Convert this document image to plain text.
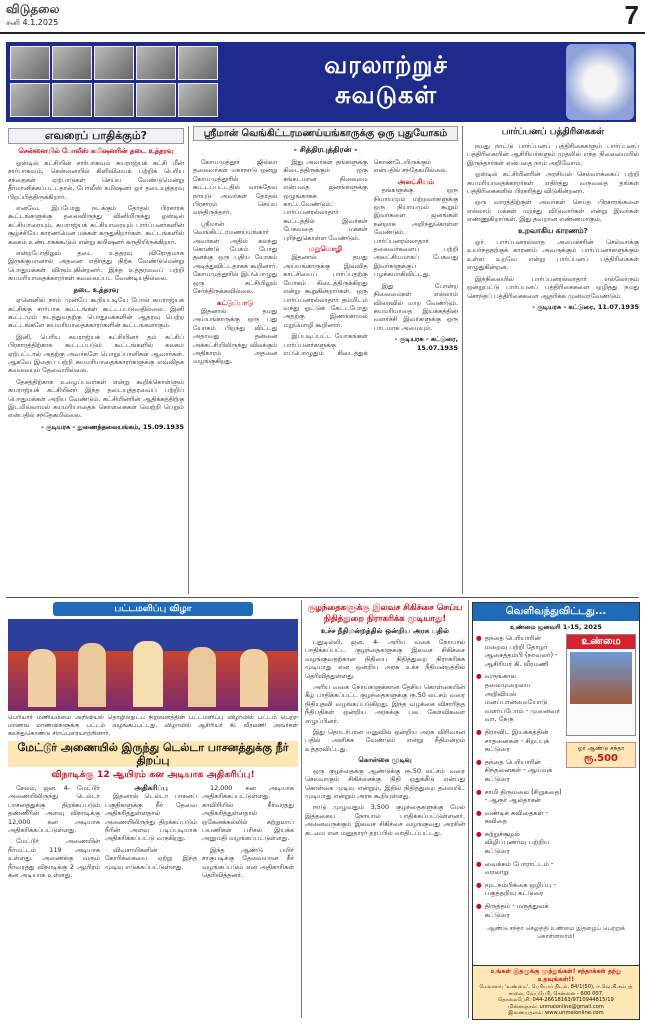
விடுதலை
சனி 4.1.2025	7
வரலாற்றுச்
சுவடுகள்
எவரைப் பாதிக்கும்?
சென்னையில் போலீஸ் கமிஷனரின் தடை உத்தரவு

ஓஸ்டில் கட்சியின் சார்பாகவும் சுயராஜ்யக் கட்சி மீன் சார்பாகவும், சென்னையில் கிளிவியைக் பற்றிக் பெரிய சந்தைகள் ஏற்பாடுகள் செய்ய வேண்டுமென்று தீர்மானிக்கப்பட்டதால், போலீஸ் கமிஷனர் ஓர் தடையுத்தரவு பிறப்பித்திருக்கிறார்.

எனவே, இப்போது நடக்கும் தேர்தல் பிரசாரக் கூட்டங்களுக்கு தலைவிருந்து வினிமிருந்து ஓஸ்டில் கட்சியாரையும், சுயராஜ்யக் கட்சியாரையும் பார்ப்பனர்களின் சூழ்ச்சியே காரணமென மக்கள் கருதுகிறார்கள். கூட்டங்களில் கலகம் உண்டாகக்கூடும் என்று கமிஷனர் கருதியிருக்கிறார்.

என்றபோதிலும் தடை உத்தரவு விரோதமாக இருக்குமானால் அதனை எதிர்த்து நிற்க வேண்டுமென்று பொதுமக்கள் விரும்புகின்றனர். இந்த உத்தரவைப் பற்றி சுயமரியாதைக்காரர்கள் கவலைப்பட வேண்டியதில்லை.

தடை உத்தரவு

ஏனெனில் நாம் முன்பே கூறியபடியே போல் சுயராஜ்யக் கட்சிக்கு சார்பாக கூட்டங்கள் கூட்டப்படுவதில்லை. இனி கூட்டமும் நடத்துவதற்கு பொதுமக்களின் ஆதரவு பெற்ற கூட்டங்களே சுயமரியாதைக்காரர்களின் கூட்டங்களாகும்.

இனி, பெரிய சுயராஜ்யக் கட்சியினர் தம் கட்சிப் பிரசாரத்திற்காக கூட்டப்படும் கூட்டங்களில் கலகம் ஏற்பட்டால் அதற்கு அவர்களே பொறுப்பாளிகள் ஆவார்கள். ஆகவே இதைப் பற்றி சுயமரியாதைக்காரர்களுக்கு எவ்விதக் கவலையும் தேவையில்லை.

தேசத்திற்காக உழைப்பவர்கள் என்று கூறிக்கொள்ளும் சுயராஜ்யக் கட்சியினர் இந்த தடையுத்தரவைப் பற்றிப் பொதுமக்கள் அறிய வேண்டும். கட்சியினரின் ஆதிக்கத்திற்கு இடமில்லாமல் சுயமரியாதைக் கொள்கைகள் வெற்றி பெறும் என்பதில் சந்தேகமில்லை.

- குடியரசு - துணைத்தலையங்கம், 15.09.1935
ஸ்ரீமான் வெங்கிட்டரமணய்யங்காருக்கு ஒரு புதுயோகம்
- சித்திரபுத்திரன் -

கோயமுத்தூர் ஜில்லா தலைவர்கள் மகாநாடு ஒன்று கோயமுத்தூரில் கூட்டப்பட்டதில் வாசுதேவ நாயுடு அவர்கள் தேர்தல் பிரசாரம் செய்ய வந்திருந்தார்.

ஸ்ரீமான் வெங்கிட்டரமணய்யங்கார் அவர்கள் அதில் கலந்து கொண்டு பேசும் போது தனக்கு ஒரு புதிய யோகம் அடித்துவிட்டதாகக் கூறினார். கோயமுத்தூரில் இப்பொழுது ஒரு கட்சியிலும் சேர்ந்திருக்கவில்லை.

கட்டுப்பாடு

இதனால் தமது அய்யங்காருக்கு ஒரு புது யோகம் பிறந்து விட்டது அதாவது தன்னை அக்கட்சியிலிருந்து விலக்கும் அதிகாரம் அதனை வழங்குகிறது.

இது அவர்கள் தங்களுக்கு கிடைத்திருக்கும் ஒரு சங்கடமான நிலைமை என்பதை ஜனங்களுக்கு ஒழுங்காகக் காட்டவேண்டும். பார்ப்பனரல்லாதார் கூட்டத்தில் இவர்கள் பேசுவதை மக்கள் புரிந்துகொள்ள வேண்டும்.

மறுமொழி

இதனால் தமது அய்யங்காருக்கு இவ்வித காட்சியைப் பார்ப்பதற்கு யோகம் கிடைத்திருக்கிறது என்று கூறுகின்றார்கள். ஒரு பார்ப்பனரல்லாதார் தம்மிடம் வந்து ஓட்டுக் கேட்டபோது அதற்கு இணங்காமல் மறுமொழி கூறினார்.

இப்படிப்பட்ட யோகங்கள் பார்ப்பனர்களுக்கு எப்பொழுதும் கிடைத்துக் கொண்டேயிருக்கும் என்பதில் சந்தேகமில்லை.

அலட்சியம்

தங்களுக்கு ஒரு நியாயமும் மற்றவர்களுக்கு ஒரு நியாயமும் கூறும் இவர்களை ஜனங்கள் நன்றாக அறிந்துகொள்ள வேண்டும். பார்ப்பனரல்லாதார் தலைவர்களைப் பற்றி அலட்சியமாகப் பேசுவது இவர்களுக்குப் பழக்கமாகிவிட்டது.

இது போன்ற நிலைமைகள் எல்லாம் விரைவில் மாற வேண்டும். சுயமரியாதை இயக்கத்தின் வளர்ச்சி இவர்களுக்கு ஒரு பாடமாக அமையும்.

- குடியரசு - கட்டுரை, 15.07.1935
பார்ப்பனப் பத்திரிகைகள்

நமது நாட்டு பார்ப்பனப் பத்திரிகைகளும் பார்ப்பனப் பத்திரிகையின் ஆசிரியர்களும் முதலில் எந்த நிலைமையில் இருந்தார்கள் என்பதை நாம் அறிவோம்.

ஓஸ்டில் கட்சியினரின் அரசியல் செல்வாக்கைப் பற்றி சுயமரியாதைக்காரர்கள் எதிர்த்து வருவதை தங்கள் பத்திரிகைகளில் பிரசுரித்து விடுகின்றனர்.

ஒரு வாரத்திற்குள் அவர்கள் செய்த பிரசாரங்களை எல்லாம் மக்கள் மறந்து விடுவார்கள் என்று இவர்கள் எண்ணுகிறார்கள். இது தவறான எண்ணமாகும்.

உறவாகிய காரணம்?

ஓர் பார்ப்பனரல்லாத அமைச்சரின் செல்வாக்கு உயர்ந்ததற்குக் காரணம் அவருக்கும் பார்ப்பனர்களுக்கும் உள்ள உறவே என்று பார்ப்பனப் பத்திரிகைகள் எழுதுகின்றன.

இந்நிலையில் பார்ப்பனரல்லாதார் எல்லோரும் ஒன்றுபட்டு பார்ப்பனப் பத்திரிகைகளை ஒழித்து நமது சொந்தப் பத்திரிகைகளை ஆதரிக்க முன்வரவேண்டும்.

- குடியரசு - கட்டுரை, 11.07.1935
பட்டமளிப்பு விழா
பெரியார் மணியம்மை அறிவியல் தொழில்நுட்ப நிறுவனத்தின் பட்டமளிப்பு விழாவில் பட்டம் பெற்ற மாணவ மாணவிகளுக்கு பட்டம் வழங்கப்பட்டது. விழாவில் ஆசிரியர் கி. வீரமணி அவர்கள் கலந்துகொண்டு சிறப்புரையாற்றினார்.
மேட்டூர் அணையில் இருந்து டெல்டா பாசனத்துக்கு நீர் திறப்பு
விநாடிக்கு 12 ஆயிரம் கன அடியாக அதிகரிப்பு!

சேலம், ஜன. 4- மேட்டூர் அணையிலிருந்து டெல்டா பாசனத்துக்கு திறக்கப்படும் தண்ணீரின் அளவு விநாடிக்கு 12,000 கன அடியாக அதிகரிக்கப்பட்டுள்ளது.

மேட்டூர் அணையின் நீர்மட்டம் 119 அடியாக உள்ளது. அணைக்கு வரும் நீர்வரத்து விநாடிக்கு 2 ஆயிரம் கன அடியாக உள்ளது.

அதிகரிப்பு

இதனால் டெல்டா பாசனப் பகுதிகளுக்கு நீர் தேவை அதிகரித்துள்ளதால் அணையிலிருந்து திறக்கப்படும் நீரின் அளவு படிப்படியாக அதிகரிக்கப்பட்டு வருகிறது.

விவசாயிகளின் கோரிக்கையை ஏற்று இந்த முடிவு எடுக்கப்பட்டுள்ளது.

12,000 கன அடியாக அதிகரிக்கப்பட்டுள்ளது. காவிரியில் நீர்வரத்து அதிகரித்துள்ளதால் ஒகேனக்கல்லில் சுற்றுலாப் பயணிகள் பரிசல் இயக்க அனுமதி வழங்கப்பட்டுள்ளது.

இந்த ஆண்டு பயிர் சாகுபடிக்கு தேவையான நீர் வழங்கப்படும் என அதிகாரிகள் தெரிவித்தனர்.

குழந்தைகளுக்கு இலவச சிகிச்சை செய்ய நிதித்துறை நிராகரிக்க முடியாது!
உச்ச நீதிமன்றத்தில் ஒன்றிய அரசு பதில்

புதுடில்லி, ஜன. 4- அரிய வகை நோயால் பாதிக்கப்பட்ட குழந்தைகளுக்கு இலவச சிகிச்சை வழங்குவதற்கான நிதியை நிதித்துறை நிராகரிக்க முடியாது என ஒன்றிய அரசு உச்ச நீதிமன்றத்தில் தெரிவித்துள்ளது.

அரிய வகை நோய்களுக்கான தேசிய கொள்கையின் கீழ் பாதிக்கப்பட்ட குழந்தைகளுக்கு ரூ.50 லட்சம் வரை நிதியுதவி வழங்கப்படுகிறது. இந்த வழக்கை விசாரித்த நீதிபதிகள் ஒன்றிய அரசுக்கு பல கேள்விகளை எழுப்பினர்.

இது தொடர்பான மனுவில் ஒன்றிய அரசு விரிவான பதில் அளிக்க வேண்டும் என்று நீதிமன்றம் உத்தரவிட்டது.

கொள்கை முடிவு

ஒரு குழந்தைக்கு ஆண்டுக்கு ரூ.50 லட்சம் வரை செலவாகும் சிகிச்சைக்கு நிதி ஒதுக்கீடு என்பது கொள்கை முடிவு என்றும், இதில் நிதித்துறை தலையிட முடியாது என்றும் அரசு கூறியுள்ளது.

நாடு முழுவதும் 3,500 குழந்தைகளுக்கு மேல் இத்தகைய நோயால் பாதிக்கப்பட்டுள்ளனர். அனைவருக்கும் இலவச சிகிச்சை வழங்குவது அரசின் கடமை என மனுதாரர் தரப்பில் வாதிடப்பட்டது.

வெளிவந்துவிட்டது...
உண்மை ஜனவரி 1-15, 2025
● தந்தை பெரியாரின் மறைவு பற்றி தோழர் ஆசைத்தம்பி (நாவலர்) - ஆசிரியர் கி. வீரமணி
● வருங்கால தலைமுறையை அறிவியல் மனப்பான்மையோடு வளர்ப்போம் - முனைவர் வா. நேரு
● திராவிட இயக்கத்தின் சாதனைகள் - சிறப்புக் கட்டுரை
● தந்தை பெரியாரின் சிந்தனைகள் - ஆய்வுக் கட்டுரை
● சாமி திருமலை (சிறுகதை) - ஆரூர் ஆல்தாசன்
● வண்டிக் கவிதைகள் - கவிதை
● சுற்றுச்சூழல் விழிப்புணர்வு பற்றிய கட்டுரை
● வைக்கம் போராட்டம் - வரலாறு
● மூடநம்பிக்கை ஒழிப்பு - பகுத்தறிவு கட்டுரை
● திருத்தம் - மருத்துவக் கட்டுரை
உண்மை
ஓர் ஆண்டு சந்தா
ரூ.500
ஆண்டு சந்தா செலுத்தி உண்மை இதழைப் பெற்றுக் கொள்ளலாம்!
உங்கள் இதழுக்கு முந்துங்கள்! சந்தாக்கள் தந்து உதவுங்கள்!!
மேலாளர், 'உண்மை', பெரியார் திடல், 84/1(50), ஈ.வெ.கி.சம்பத் சாலை, வேப்பேரி, சென்னை - 600 007.
தொலைபேசி: 044-26618163/9710944815/19
மின்னஞ்சல்: unmaionline@gmail.com
இணையதளம்: www.unmaionline.com
